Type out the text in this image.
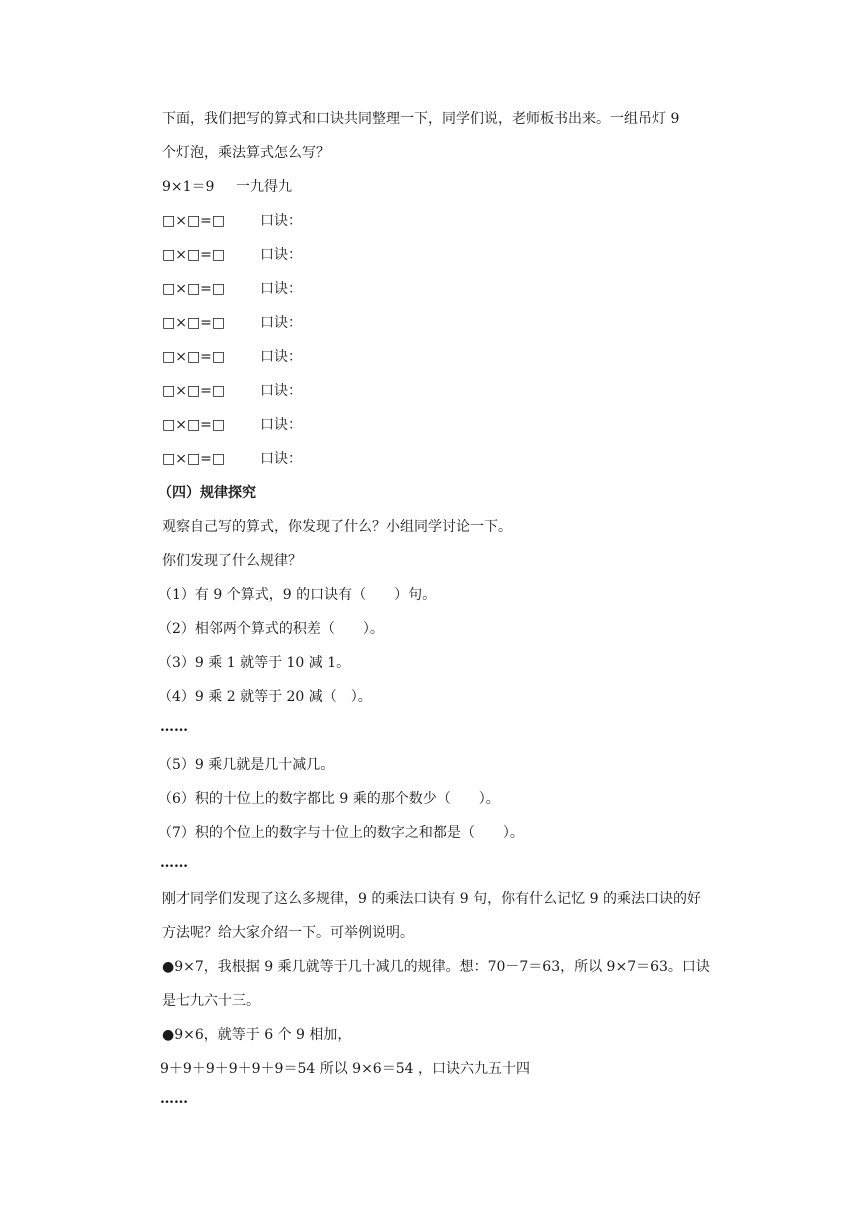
下面，我们把写的算式和口诀共同整理一下，同学们说，老师板书出来。一组吊灯 9
个灯泡，乘法算式怎么写？
9×1＝9 一九得九
□×□=□ 口诀：
□×□=□ 口诀：
□×□=□ 口诀：
□×□=□ 口诀：
□×□=□ 口诀：
□×□=□ 口诀：
□×□=□ 口诀：
□×□=□ 口诀：
（四）规律探究
观察自己写的算式，你发现了什么？小组同学讨论一下。
你们发现了什么规律？
（1）有 9 个算式，9 的口诀有（　　）句。
（2）相邻两个算式的积差（　　）。
（3）9 乘 1 就等于 10 减 1。
（4）9 乘 2 就等于 20 减（　）。
……
（5）9 乘几就是几十减几。
（6）积的十位上的数字都比 9 乘的那个数少（　　）。
（7）积的个位上的数字与十位上的数字之和都是（　　）。
……
刚才同学们发现了这么多规律，9 的乘法口诀有 9 句，你有什么记忆 9 的乘法口诀的好
方法呢？给大家介绍一下。可举例说明。
●9×7，我根据 9 乘几就等于几十减几的规律。想：70－7＝63，所以 9×7＝63。口诀
是七九六十三。
●9×6，就等于 6 个 9 相加，
9＋9＋9＋9＋9＋9＝54 所以 9×6＝54 ，口诀六九五十四
……
